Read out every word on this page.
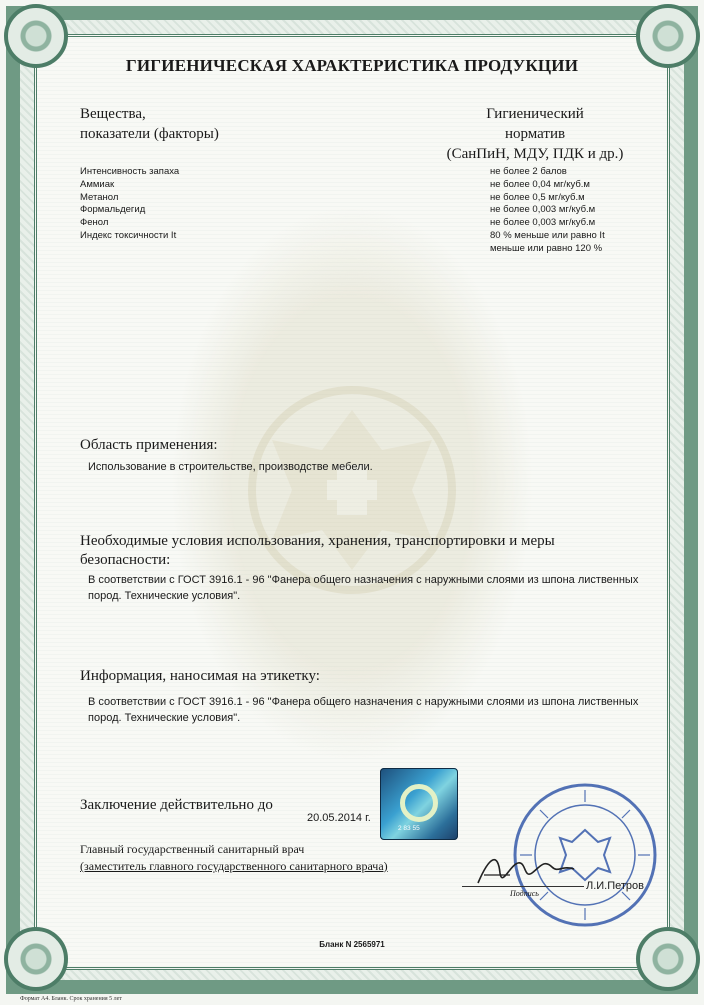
ГИГИЕНИЧЕСКАЯ ХАРАКТЕРИСТИКА ПРОДУКЦИИ
Вещества,
показатели (факторы)
Гигиенический
норматив
(СанПиН, МДУ, ПДК и др.)
Интенсивность запаха
Аммиак
Метанол
Формальдегид
Фенол
Индекс токсичности It
не более 2 балов
не более 0,04 мг/куб.м
не более 0,5 мг/куб.м
не более 0,003 мг/куб.м
не более 0,003 мг/куб.м
80 % меньше или равно It
меньше или равно 120 %
Область применения:
Использование в строительстве, производстве мебели.
Необходимые условия использования, хранения, транспортировки и меры безопасности:
В соответствии с ГОСТ 3916.1 - 96 "Фанера общего назначения с наружными слоями из шпона лиственных пород. Технические условия".
Информация, наносимая на этикетку:
В соответствии с ГОСТ 3916.1 - 96 "Фанера общего назначения с наружными слоями из шпона лиственных пород. Технические условия".
Заключение действительно до
20.05.2014 г.
2 83 55
Главный государственный санитарный врач
(заместитель главного государственного санитарного врача)
Подпись
Л.И.Петров
Бланк N 2565971
Формат А4. Бланк. Срок хранения 5 лет
